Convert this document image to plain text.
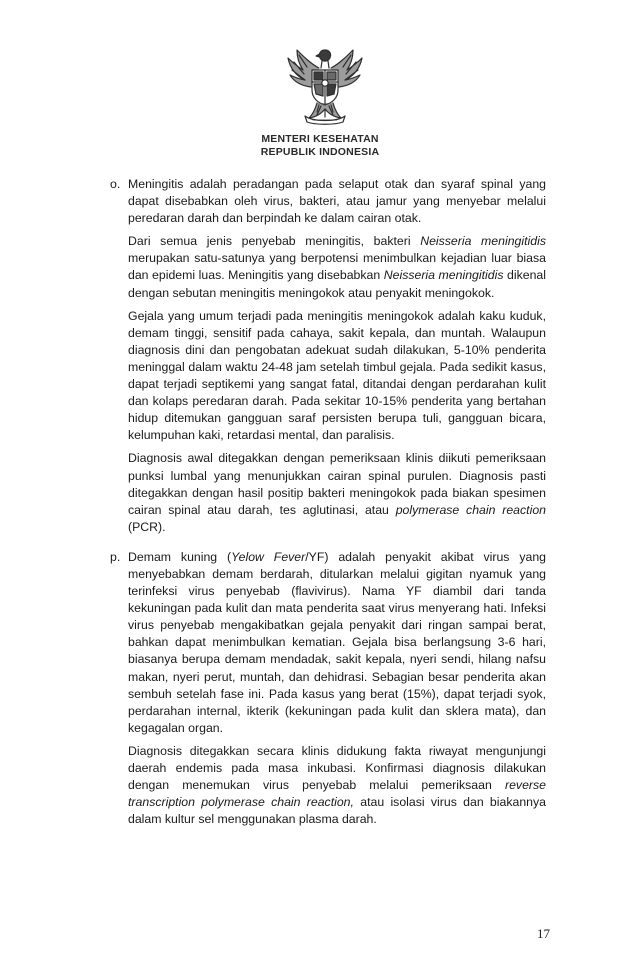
MENTERI KESEHATAN
REPUBLIK INDONESIA
o. Meningitis adalah peradangan pada selaput otak dan syaraf spinal yang dapat disebabkan oleh virus, bakteri, atau jamur yang menyebar melalui peredaran darah dan berpindah ke dalam cairan otak.

Dari semua jenis penyebab meningitis, bakteri Neisseria meningitidis merupakan satu-satunya yang berpotensi menimbulkan kejadian luar biasa dan epidemi luas. Meningitis yang disebabkan Neisseria meningitidis dikenal dengan sebutan meningitis meningokok atau penyakit meningokok.

Gejala yang umum terjadi pada meningitis meningokok adalah kaku kuduk, demam tinggi, sensitif pada cahaya, sakit kepala, dan muntah. Walaupun diagnosis dini dan pengobatan adekuat sudah dilakukan, 5-10% penderita meninggal dalam waktu 24-48 jam setelah timbul gejala. Pada sedikit kasus, dapat terjadi septikemi yang sangat fatal, ditandai dengan perdarahan kulit dan kolaps peredaran darah. Pada sekitar 10-15% penderita yang bertahan hidup ditemukan gangguan saraf persisten berupa tuli, gangguan bicara, kelumpuhan kaki, retardasi mental, dan paralisis.

Diagnosis awal ditegakkan dengan pemeriksaan klinis diikuti pemeriksaan punksi lumbal yang menunjukkan cairan spinal purulen. Diagnosis pasti ditegakkan dengan hasil positip bakteri meningokok pada biakan spesimen cairan spinal atau darah, tes aglutinasi, atau polymerase chain reaction (PCR).

p. Demam kuning (Yelow Fever/YF) adalah penyakit akibat virus yang menyebabkan demam berdarah, ditularkan melalui gigitan nyamuk yang terinfeksi virus penyebab (flavivirus). Nama YF diambil dari tanda kekuningan pada kulit dan mata penderita saat virus menyerang hati. Infeksi virus penyebab mengakibatkan gejala penyakit dari ringan sampai berat, bahkan dapat menimbulkan kematian. Gejala bisa berlangsung 3-6 hari, biasanya berupa demam mendadak, sakit kepala, nyeri sendi, hilang nafsu makan, nyeri perut, muntah, dan dehidrasi. Sebagian besar penderita akan sembuh setelah fase ini. Pada kasus yang berat (15%), dapat terjadi syok, perdarahan internal, ikterik (kekuningan pada kulit dan sklera mata), dan kegagalan organ.

Diagnosis ditegakkan secara klinis didukung fakta riwayat mengunjungi daerah endemis pada masa inkubasi. Konfirmasi diagnosis dilakukan dengan menemukan virus penyebab melalui pemeriksaan reverse transcription polymerase chain reaction, atau isolasi virus dan biakannya dalam kultur sel menggunakan plasma darah.

17
